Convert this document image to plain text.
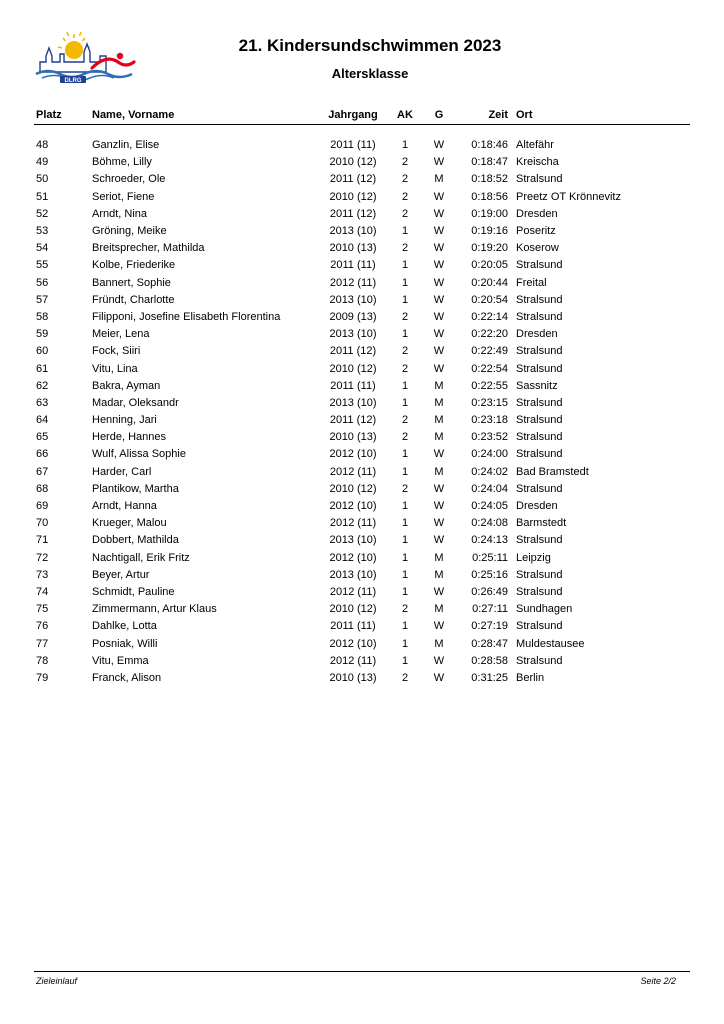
DLRG
21. Kindersundschwimmen 2023
Altersklasse
Platz	Name, Vorname	Jahrgang	AK	G	Zeit	Ort
48	Ganzlin, Elise	2011 (11)	1	W	0:18:46	Altefähr
49	Böhme, Lilly	2010 (12)	2	W	0:18:47	Kreischa
50	Schroeder, Ole	2011 (12)	2	M	0:18:52	Stralsund
51	Seriot, Fiene	2010 (12)	2	W	0:18:56	Preetz OT Krönnevitz
52	Arndt, Nina	2011 (12)	2	W	0:19:00	Dresden
53	Gröning, Meike	2013 (10)	1	W	0:19:16	Poseritz
54	Breitsprecher, Mathilda	2010 (13)	2	W	0:19:20	Koserow
55	Kolbe, Friederike	2011 (11)	1	W	0:20:05	Stralsund
56	Bannert, Sophie	2012 (11)	1	W	0:20:44	Freital
57	Fründt, Charlotte	2013 (10)	1	W	0:20:54	Stralsund
58	Filipponi, Josefine Elisabeth Florentina	2009 (13)	2	W	0:22:14	Stralsund
59	Meier, Lena	2013 (10)	1	W	0:22:20	Dresden
60	Fock, Siiri	2011 (12)	2	W	0:22:49	Stralsund
61	Vitu, Lina	2010 (12)	2	W	0:22:54	Stralsund
62	Bakra, Ayman	2011 (11)	1	M	0:22:55	Sassnitz
63	Madar, Oleksandr	2013 (10)	1	M	0:23:15	Stralsund
64	Henning, Jari	2011 (12)	2	M	0:23:18	Stralsund
65	Herde, Hannes	2010 (13)	2	M	0:23:52	Stralsund
66	Wulf, Alissa Sophie	2012 (10)	1	W	0:24:00	Stralsund
67	Harder, Carl	2012 (11)	1	M	0:24:02	Bad Bramstedt
68	Plantikow, Martha	2010 (12)	2	W	0:24:04	Stralsund
69	Arndt, Hanna	2012 (10)	1	W	0:24:05	Dresden
70	Krueger, Malou	2012 (11)	1	W	0:24:08	Barmstedt
71	Dobbert, Mathilda	2013 (10)	1	W	0:24:13	Stralsund
72	Nachtigall, Erik Fritz	2012 (10)	1	M	0:25:11	Leipzig
73	Beyer, Artur	2013 (10)	1	M	0:25:16	Stralsund
74	Schmidt, Pauline	2012 (11)	1	W	0:26:49	Stralsund
75	Zimmermann, Artur Klaus	2010 (12)	2	M	0:27:11	Sundhagen
76	Dahlke, Lotta	2011 (11)	1	W	0:27:19	Stralsund
77	Posniak, Willi	2012 (10)	1	M	0:28:47	Muldestausee
78	Vitu, Emma	2012 (11)	1	W	0:28:58	Stralsund
79	Franck, Alison	2010 (13)	2	W	0:31:25	Berlin
Zieleinlauf	Seite 2/2
